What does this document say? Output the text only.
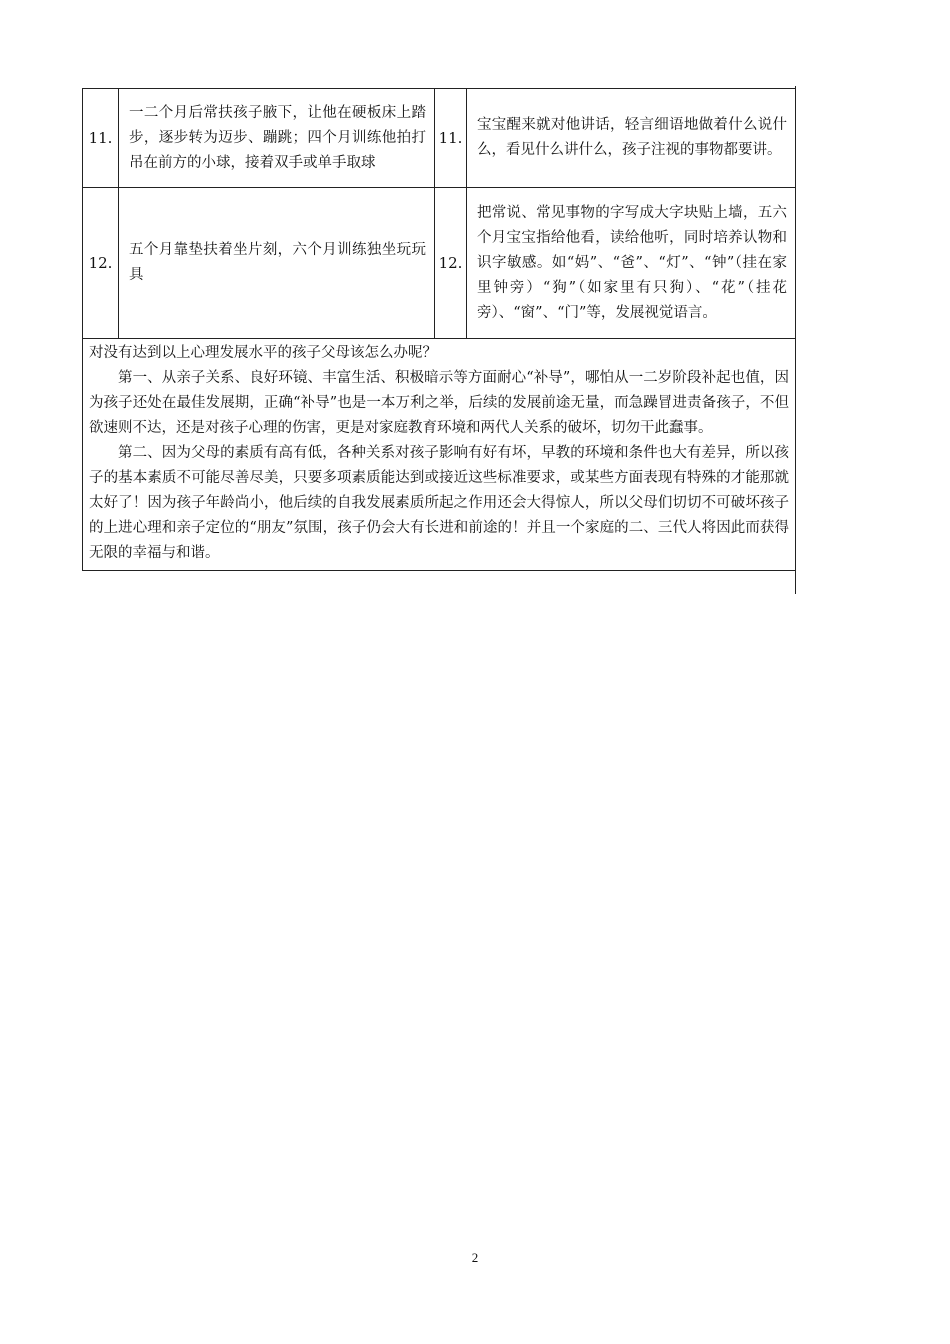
11.	一二个月后常扶孩子腋下，让他在硬板床上踏步，逐步转为迈步、蹦跳；四个月训练他拍打吊在前方的小球，接着双手或单手取球	11.	宝宝醒来就对他讲话，轻言细语地做着什么说什么，看见什么讲什么，孩子注视的事物都要讲。
12.	五个月靠垫扶着坐片刻，六个月训练独坐玩玩具	12.	把常说、常见事物的字写成大字块贴上墙，五六个月宝宝指给他看，读给他听，同时培养认物和识字敏感。如“妈”、“爸”、“灯”、“钟”（挂在家里钟旁）“狗”（如家里有只狗）、“花”（挂花旁）、“窗”、“门”等，发展视觉语言。

对没有达到以上心理发展水平的孩子父母该怎么办呢？

第一、从亲子关系、良好环镜、丰富生活、积极暗示等方面耐心“补导”，哪怕从一二岁阶段补起也值，因为孩子还处在最佳发展期，正确“补导”也是一本万利之举，后续的发展前途无量，而急躁冒进责备孩子，不但欲速则不达，还是对孩子心理的伤害，更是对家庭教育环境和两代人关系的破坏，切勿干此蠢事。

第二、因为父母的素质有高有低，各种关系对孩子影响有好有坏，早教的环境和条件也大有差异，所以孩子的基本素质不可能尽善尽美，只要多项素质能达到或接近这些标准要求，或某些方面表现有特殊的才能那就太好了！因为孩子年龄尚小，他后续的自我发展素质所起之作用还会大得惊人，所以父母们切切不可破坏孩子的上进心理和亲子定位的“朋友”氛围，孩子仍会大有长进和前途的！并且一个家庭的二、三代人将因此而获得无限的幸福与和谐。			

2
